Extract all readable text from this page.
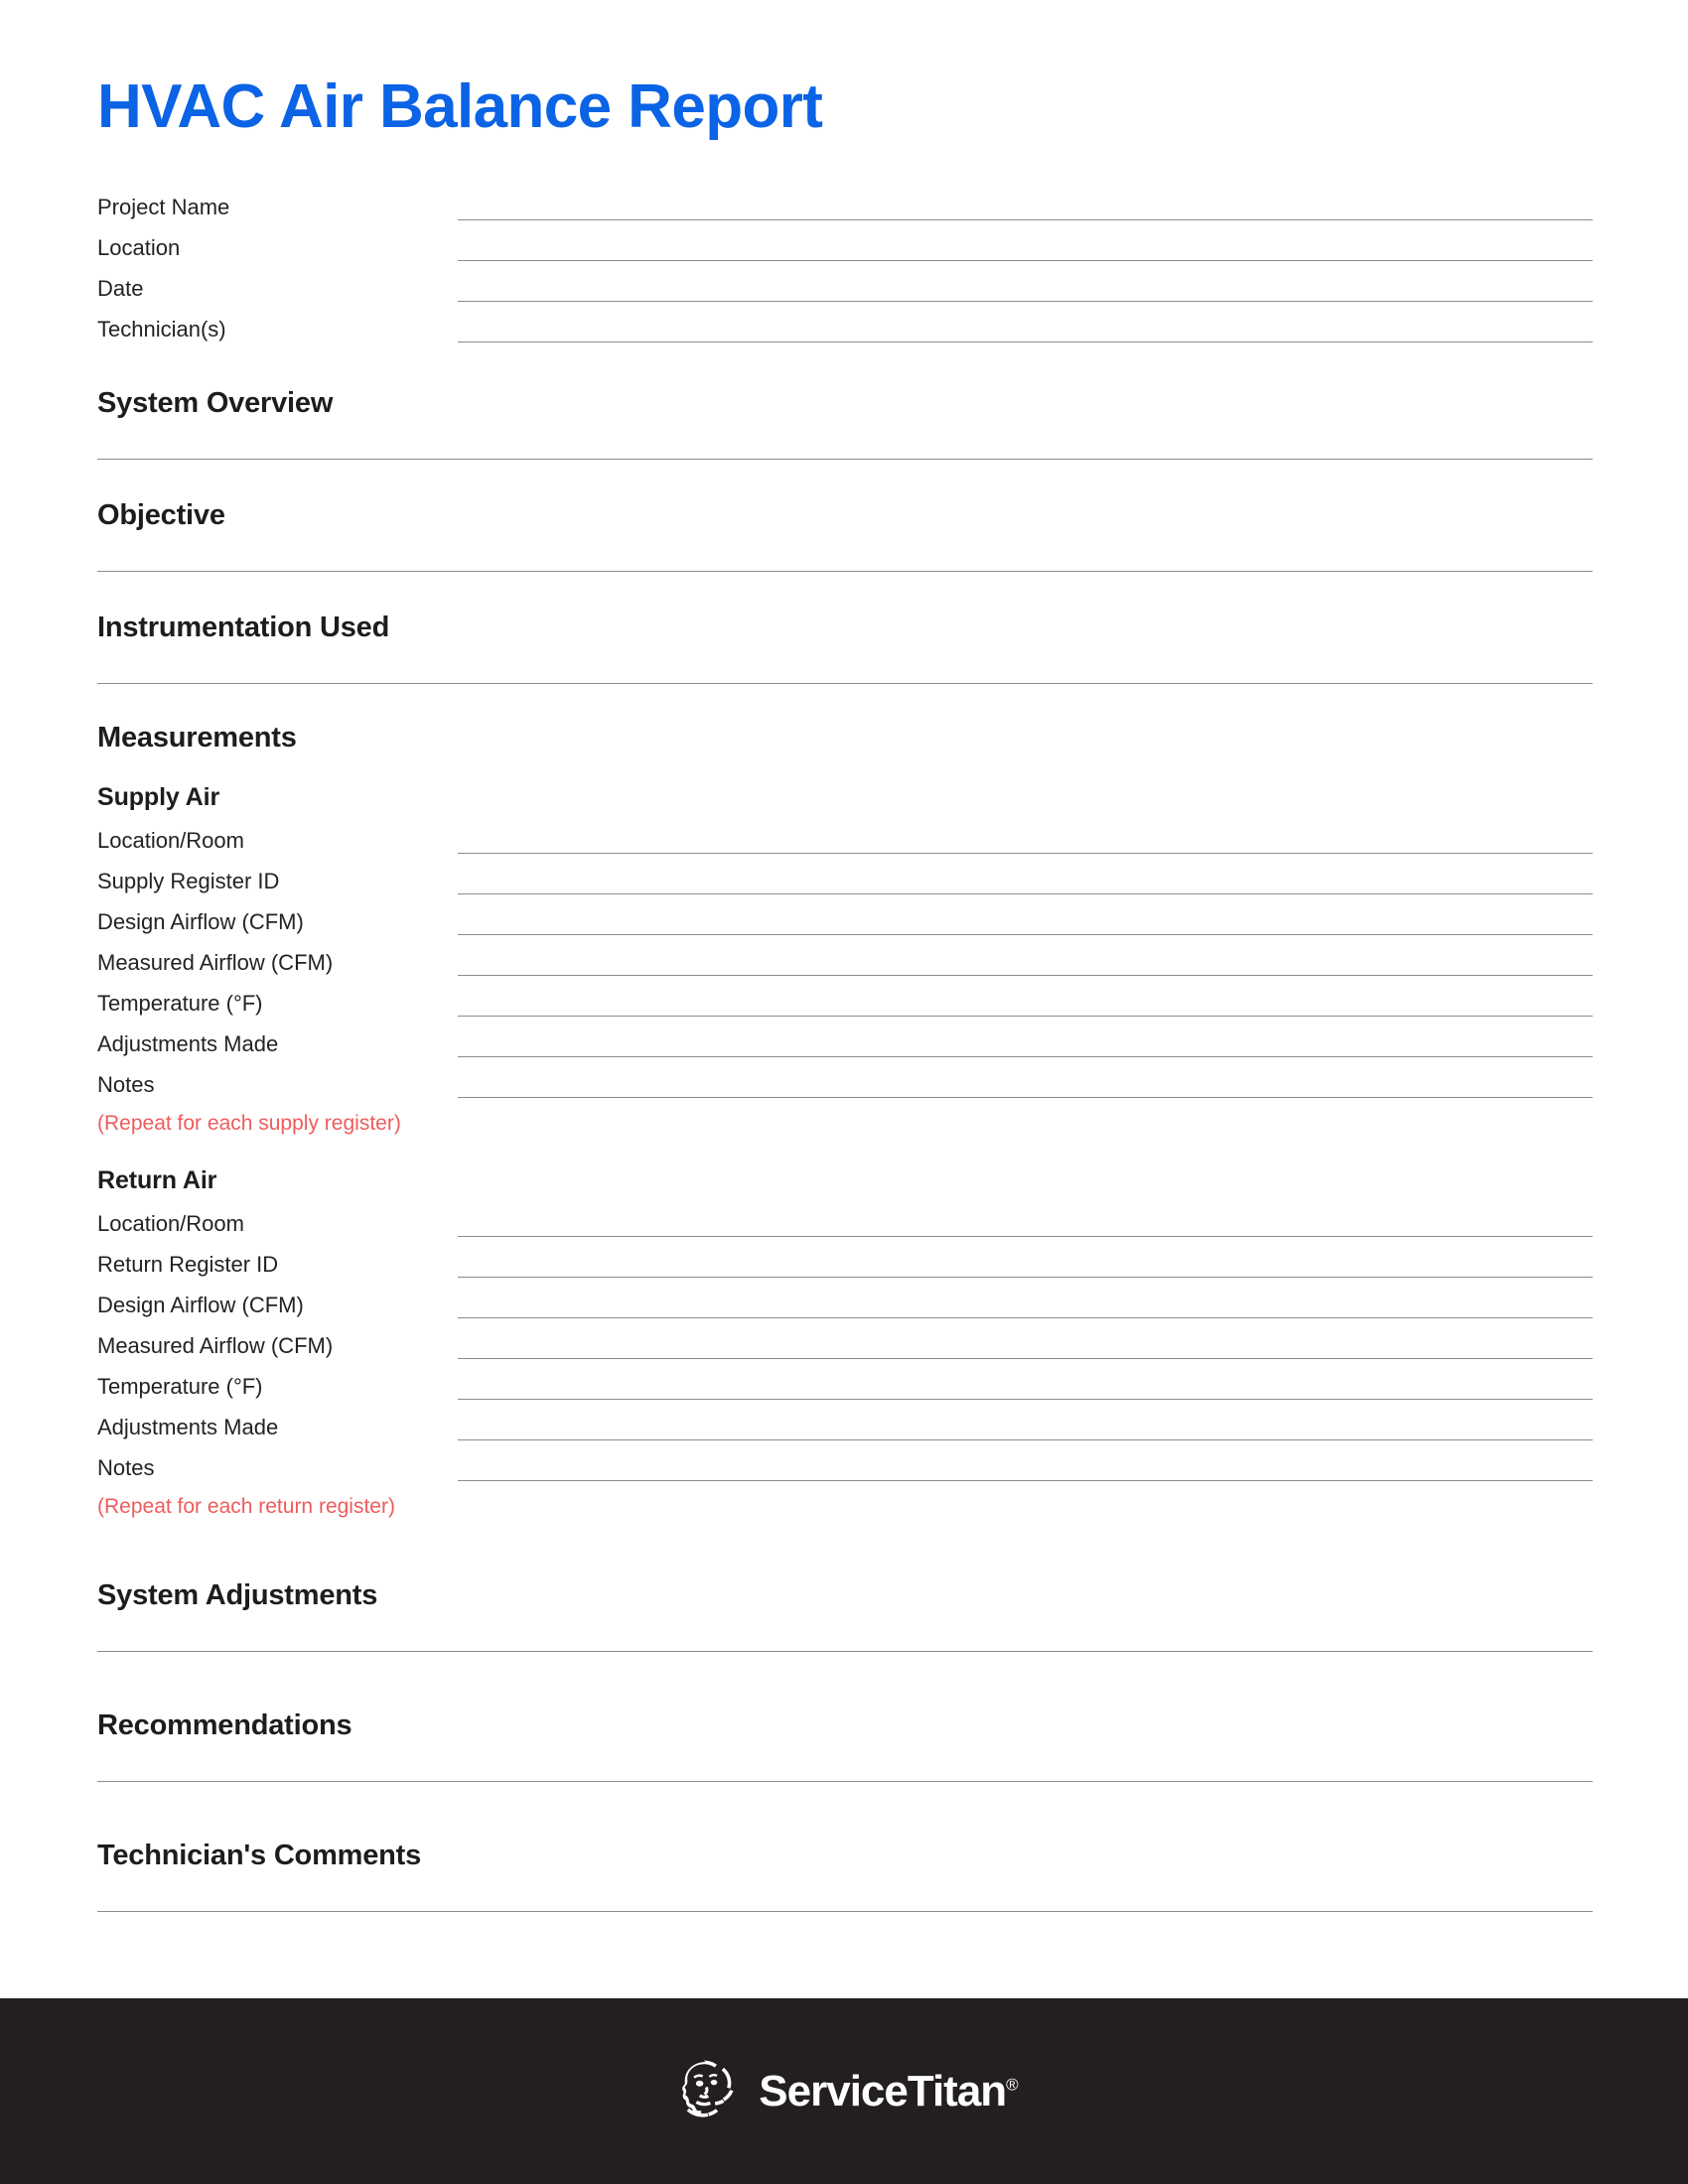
HVAC Air Balance Report
Project Name
Location
Date
Technician(s)
System Overview
Objective
Instrumentation Used
Measurements
Supply Air
Location/Room
Supply Register ID
Design Airflow (CFM)
Measured Airflow (CFM)
Temperature (°F)
Adjustments Made
Notes
(Repeat for each supply register)
Return Air
Location/Room
Return Register ID
Design Airflow (CFM)
Measured Airflow (CFM)
Temperature (°F)
Adjustments Made
Notes
(Repeat for each return register)
System Adjustments
Recommendations
Technician's Comments
ServiceTitan®
